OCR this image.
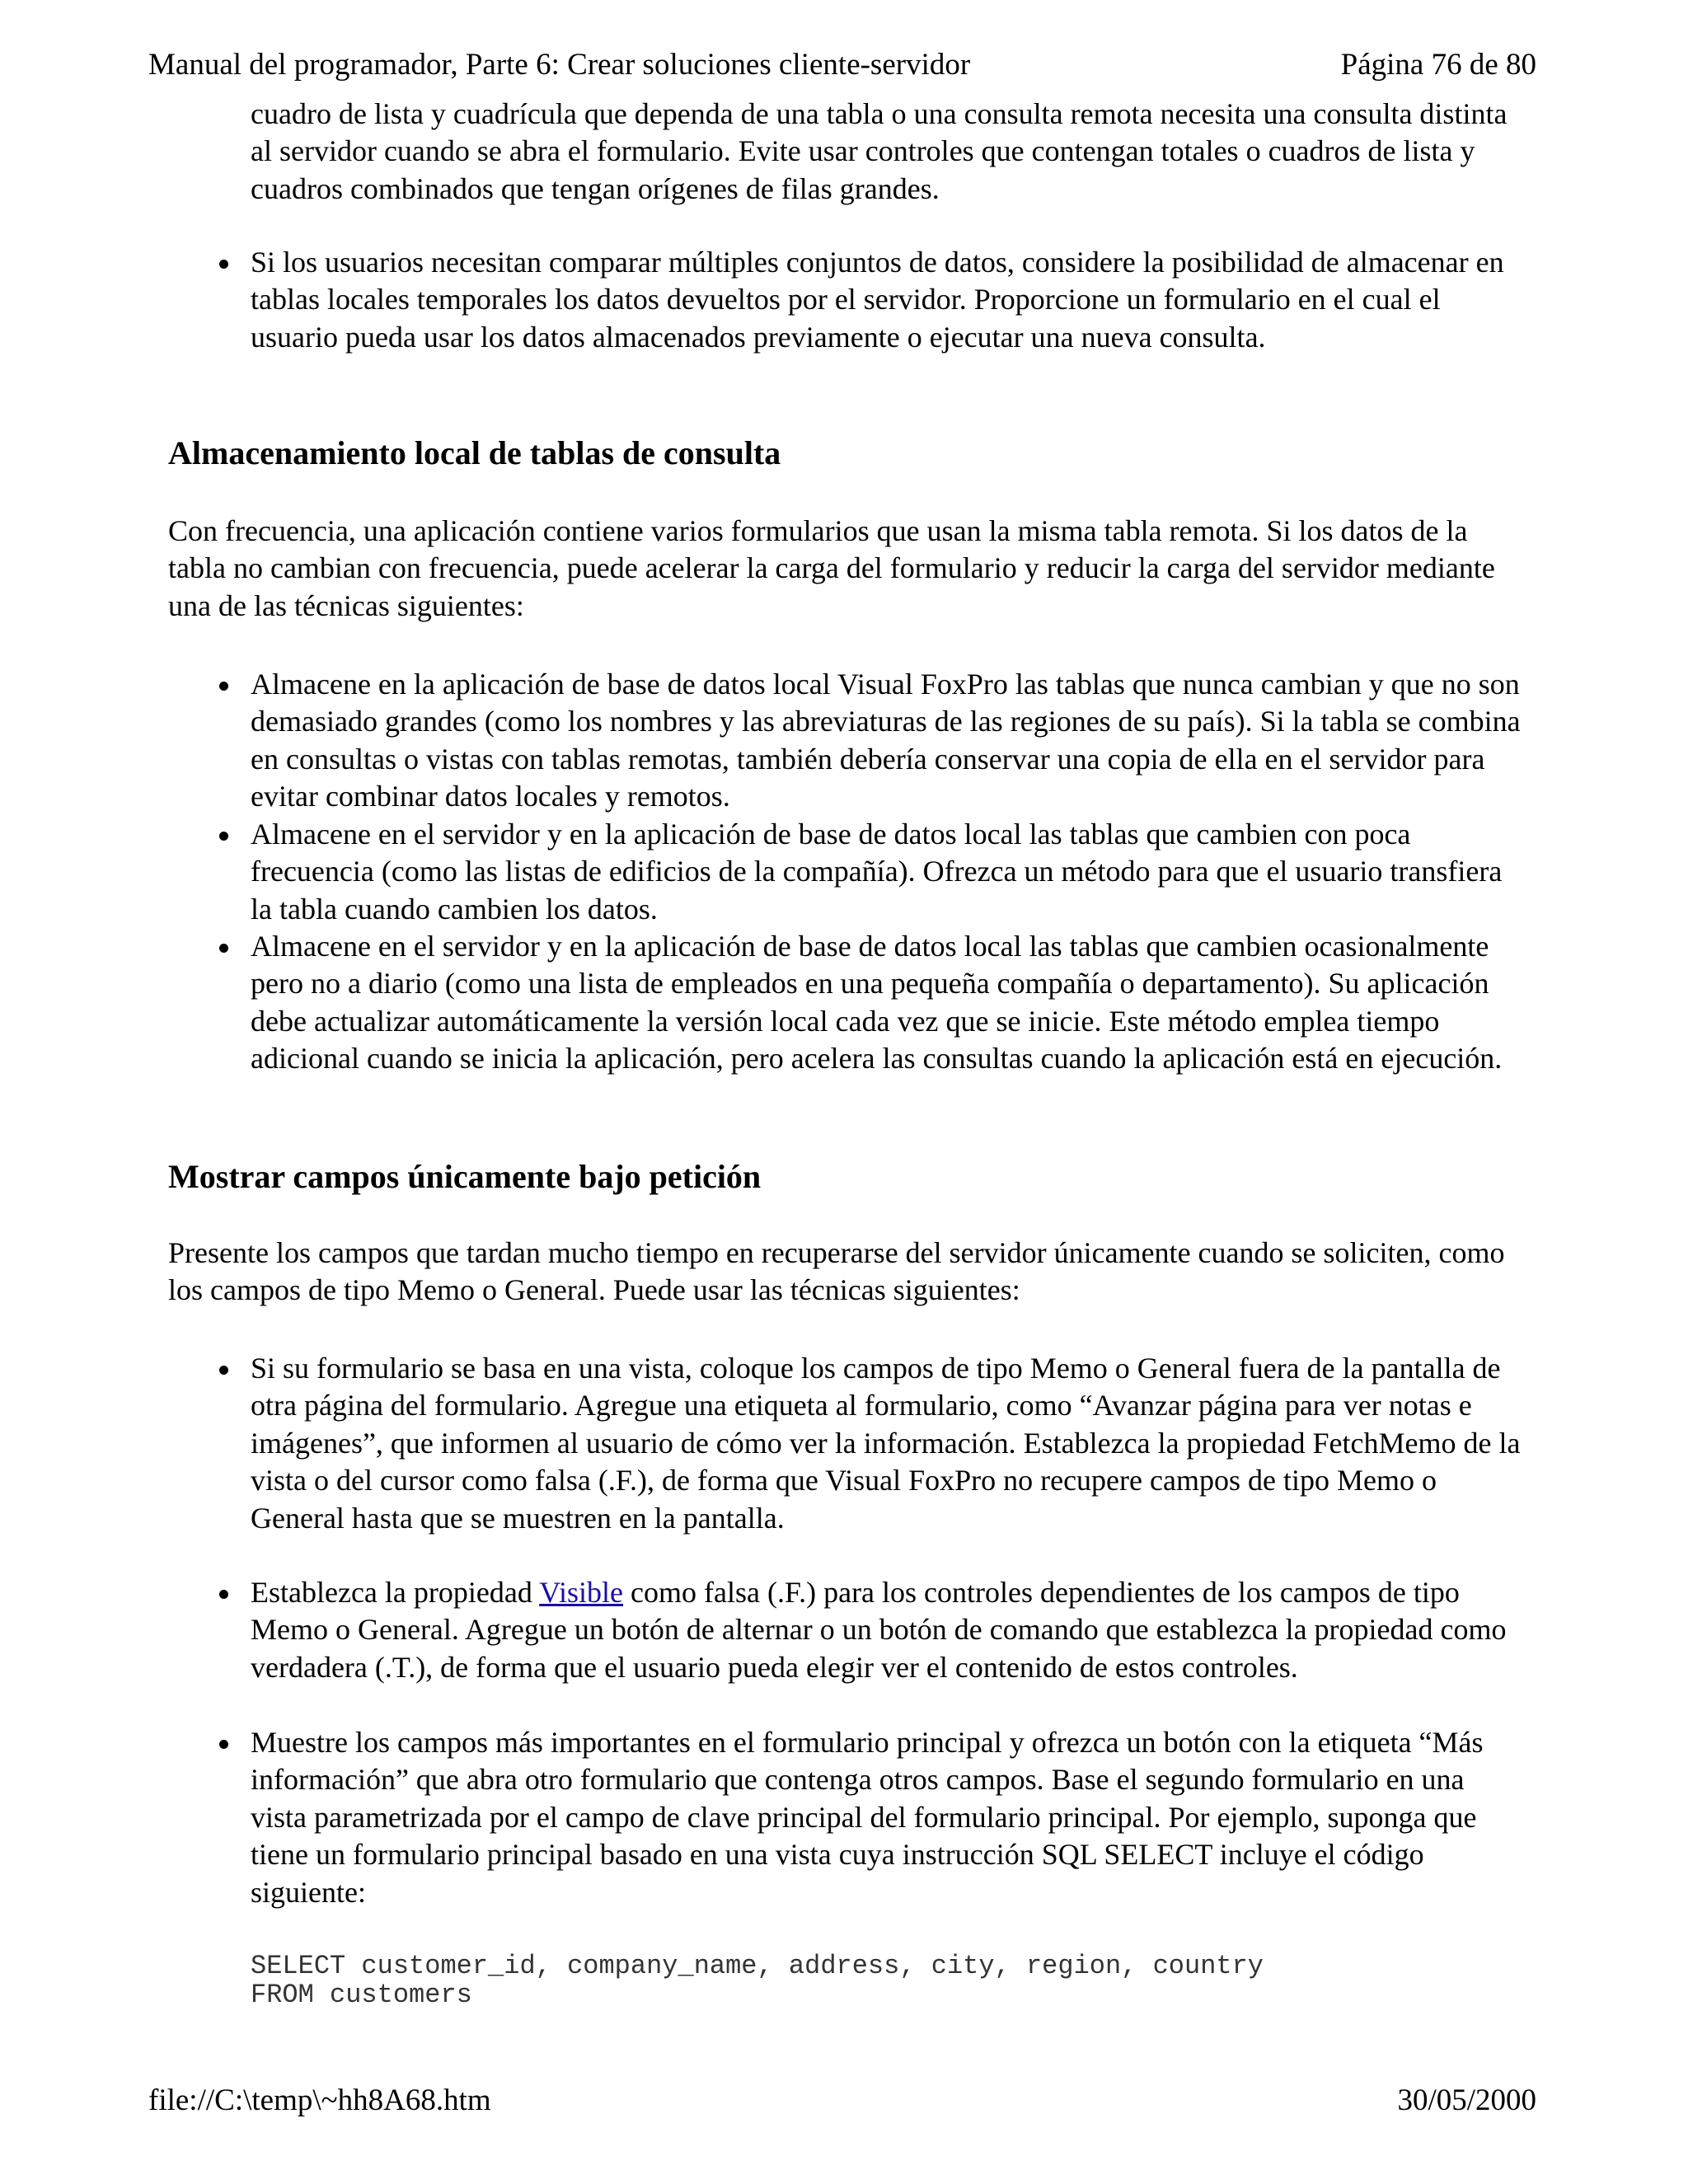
Manual del programador, Parte 6: Crear soluciones cliente-servidor	Página 76 de 80

cuadro de lista y cuadrícula que dependa de una tabla o una consulta remota necesita una consulta distinta al servidor cuando se abra el formulario. Evite usar controles que contengan totales o cuadros de lista y cuadros combinados que tengan orígenes de filas grandes.

Si los usuarios necesitan comparar múltiples conjuntos de datos, considere la posibilidad de almacenar en tablas locales temporales los datos devueltos por el servidor. Proporcione un formulario en el cual el usuario pueda usar los datos almacenados previamente o ejecutar una nueva consulta.
Almacenamiento local de tablas de consulta

Con frecuencia, una aplicación contiene varios formularios que usan la misma tabla remota. Si los datos de la tabla no cambian con frecuencia, puede acelerar la carga del formulario y reducir la carga del servidor mediante una de las técnicas siguientes:

Almacene en la aplicación de base de datos local Visual FoxPro las tablas que nunca cambian y que no son demasiado grandes (como los nombres y las abreviaturas de las regiones de su país). Si la tabla se combina en consultas o vistas con tablas remotas, también debería conservar una copia de ella en el servidor para evitar combinar datos locales y remotos.
Almacene en el servidor y en la aplicación de base de datos local las tablas que cambien con poca frecuencia (como las listas de edificios de la compañía). Ofrezca un método para que el usuario transfiera la tabla cuando cambien los datos.
Almacene en el servidor y en la aplicación de base de datos local las tablas que cambien ocasionalmente pero no a diario (como una lista de empleados en una pequeña compañía o departamento). Su aplicación debe actualizar automáticamente la versión local cada vez que se inicie. Este método emplea tiempo adicional cuando se inicia la aplicación, pero acelera las consultas cuando la aplicación está en ejecución.
Mostrar campos únicamente bajo petición

Presente los campos que tardan mucho tiempo en recuperarse del servidor únicamente cuando se soliciten, como los campos de tipo Memo o General. Puede usar las técnicas siguientes:

Si su formulario se basa en una vista, coloque los campos de tipo Memo o General fuera de la pantalla de otra página del formulario. Agregue una etiqueta al formulario, como “Avanzar página para ver notas e imágenes”, que informen al usuario de cómo ver la información. Establezca la propiedad FetchMemo de la vista o del cursor como falsa (.F.), de forma que Visual FoxPro no recupere campos de tipo Memo o General hasta que se muestren en la pantalla.
Establezca la propiedad Visible como falsa (.F.) para los controles dependientes de los campos de tipo Memo o General. Agregue un botón de alternar o un botón de comando que establezca la propiedad como verdadera (.T.), de forma que el usuario pueda elegir ver el contenido de estos controles.
Muestre los campos más importantes en el formulario principal y ofrezca un botón con la etiqueta “Más información” que abra otro formulario que contenga otros campos. Base el segundo formulario en una vista parametrizada por el campo de clave principal del formulario principal. Por ejemplo, suponga que tiene un formulario principal basado en una vista cuya instrucción SQL SELECT incluye el código siguiente:
SELECT customer_id, company_name, address, city, region, country
FROM customers
file://C:\temp\~hh8A68.htm	30/05/2000
